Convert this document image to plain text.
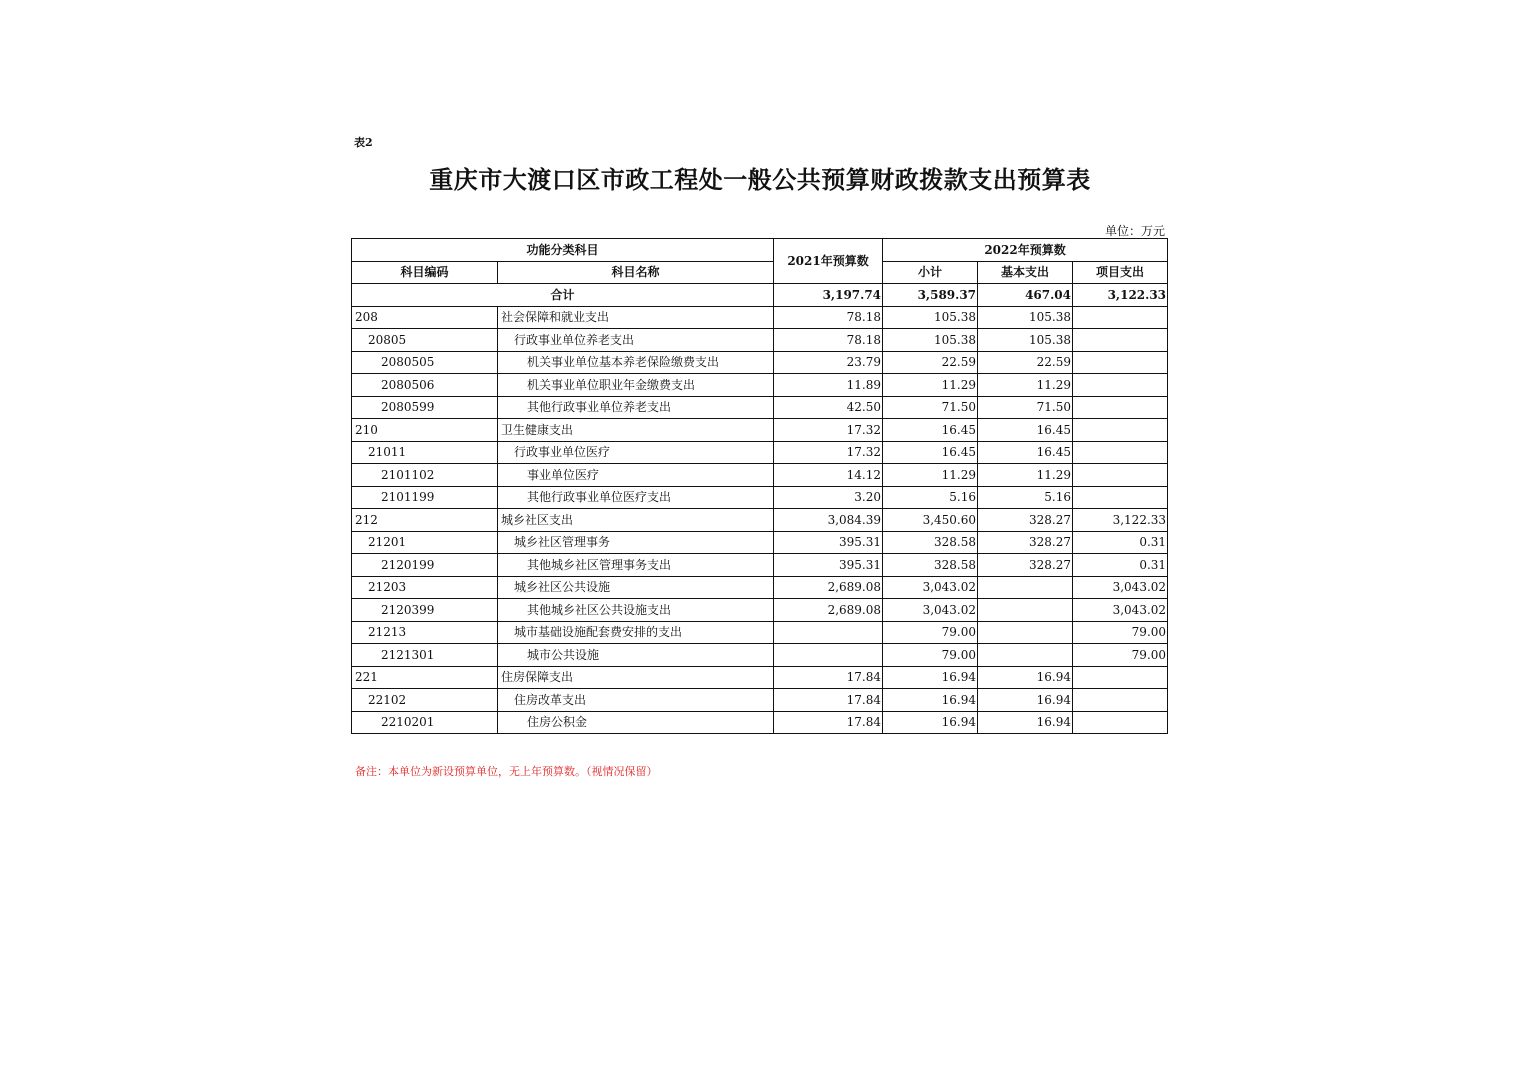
表2
重庆市大渡口区市政工程处一般公共预算财政拨款支出预算表
单位：万元
功能分类科目		2021年预算数	2022年预算数		
科目编码	科目名称		小计	基本支出	项目支出
合计		3,197.74	3,589.37	467.04	3,122.33
208	社会保障和就业支出	78.18	105.38	105.38	
20805	行政事业单位养老支出	78.18	105.38	105.38	
2080505	机关事业单位基本养老保险缴费支出	23.79	22.59	22.59	
2080506	机关事业单位职业年金缴费支出	11.89	11.29	11.29	
2080599	其他行政事业单位养老支出	42.50	71.50	71.50	
210	卫生健康支出	17.32	16.45	16.45	
21011	行政事业单位医疗	17.32	16.45	16.45	
2101102	事业单位医疗	14.12	11.29	11.29	
2101199	其他行政事业单位医疗支出	3.20	5.16	5.16	
212	城乡社区支出	3,084.39	3,450.60	328.27	3,122.33
21201	城乡社区管理事务	395.31	328.58	328.27	0.31
2120199	其他城乡社区管理事务支出	395.31	328.58	328.27	0.31
21203	城乡社区公共设施	2,689.08	3,043.02		3,043.02
2120399	其他城乡社区公共设施支出	2,689.08	3,043.02		3,043.02
21213	城市基础设施配套费安排的支出		79.00		79.00
2121301	城市公共设施		79.00		79.00
221	住房保障支出	17.84	16.94	16.94	
22102	住房改革支出	17.84	16.94	16.94	
2210201	住房公积金	17.84	16.94	16.94	
备注：本单位为新设预算单位，无上年预算数。（视情况保留）
